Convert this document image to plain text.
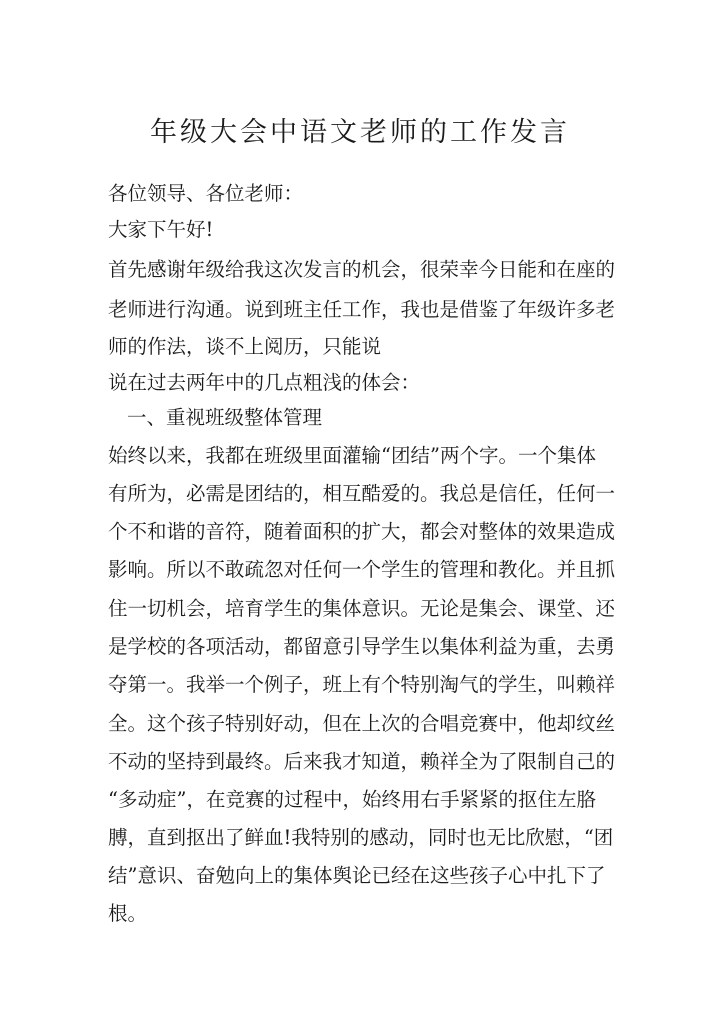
年级大会中语文老师的工作发言
各位领导、各位老师：
大家下午好!
首先感谢年级给我这次发言的机会，很荣幸今日能和在座的
老师进行沟通。说到班主任工作，我也是借鉴了年级许多老
师的作法，谈不上阅历，只能说
说在过去两年中的几点粗浅的体会：
一、重视班级整体管理
始终以来，我都在班级里面灌输“团结”两个字。一个集体
有所为，必需是团结的，相互酷爱的。我总是信任，任何一
个不和谐的音符，随着面积的扩大，都会对整体的效果造成
影响。所以不敢疏忽对任何一个学生的管理和教化。并且抓
住一切机会，培育学生的集体意识。无论是集会、课堂、还
是学校的各项活动，都留意引导学生以集体利益为重，去勇
夺第一。我举一个例子，班上有个特别淘气的学生，叫赖祥
全。这个孩子特别好动，但在上次的合唱竞赛中，他却纹丝
不动的坚持到最终。后来我才知道，赖祥全为了限制自己的
“多动症”，在竞赛的过程中，始终用右手紧紧的抠住左胳
膊，直到抠出了鲜血!我特别的感动，同时也无比欣慰，“团
结”意识、奋勉向上的集体舆论已经在这些孩子心中扎下了
根。
